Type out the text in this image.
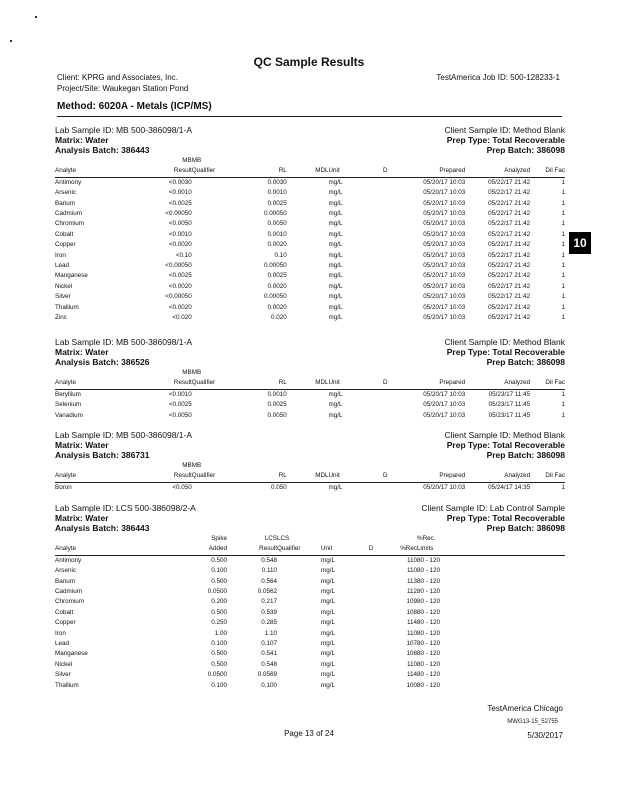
QC Sample Results
Client: KPRG and Associates, Inc.
Project/Site: Waukegan Station Pond
TestAmerica Job ID: 500-128233-1
Method: 6020A - Metals (ICP/MS)
10
Lab Sample ID: MB 500-386098/1-A	Client Sample ID: Method Blank
Matrix: Water	Prep Type: Total Recoverable
Analysis Batch: 386443	Prep Batch: 386098
	MB	MB							
Analyte	Result	Qualifier	RL	MDL	Unit	D	Prepared	Analyzed	Dil Fac
Antimony	<0.0030		0.0030		mg/L		05/20/17 10:03	05/22/17 21:42	1
Arsenic	<0.0010		0.0010		mg/L		05/20/17 10:03	05/22/17 21:42	1
Barium	<0.0025		0.0025		mg/L		05/20/17 10:03	05/22/17 21:42	1
Cadmium	<0.00050		0.00050		mg/L		05/20/17 10:03	05/22/17 21:42	1
Chromium	<0.0050		0.0050		mg/L		05/20/17 10:03	05/22/17 21:42	1
Cobalt	<0.0010		0.0010		mg/L		05/20/17 10:03	05/22/17 21:42	1
Copper	<0.0020		0.0020		mg/L		05/20/17 10:03	05/22/17 21:42	1
Iron	<0.10		0.10		mg/L		05/20/17 10:03	05/22/17 21:42	1
Lead	<0.00050		0.00050		mg/L		05/20/17 10:03	05/22/17 21:42	1
Manganese	<0.0025		0.0025		mg/L		05/20/17 10:03	05/22/17 21:42	1
Nickel	<0.0020		0.0020		mg/L		05/20/17 10:03	05/22/17 21:42	1
Silver	<0.00050		0.00050		mg/L		05/20/17 10:03	05/22/17 21:42	1
Thallium	<0.0020		0.0020		mg/L		05/20/17 10:03	05/22/17 21:42	1
Zinc	<0.020		0.020		mg/L		05/20/17 10:03	05/22/17 21:42	1
Lab Sample ID: MB 500-386098/1-A	Client Sample ID: Method Blank
Matrix: Water	Prep Type: Total Recoverable
Analysis Batch: 386526	Prep Batch: 386098
	MB	MB							
Analyte	Result	Qualifier	RL	MDL	Unit	D	Prepared	Analyzed	Dil Fac
Beryllium	<0.0010		0.0010		mg/L		05/20/17 10:03	05/23/17 11:45	1
Selenium	<0.0025		0.0025		mg/L		05/20/17 10:03	05/23/17 11:45	1
Vanadium	<0.0050		0.0050		mg/L		05/20/17 10:03	05/23/17 11:45	1
Lab Sample ID: MB 500-386098/1-A	Client Sample ID: Method Blank
Matrix: Water	Prep Type: Total Recoverable
Analysis Batch: 386731	Prep Batch: 386098
	MB	MB							
Analyte	Result	Qualifier	RL	MDL	Unit	D	Prepared	Analyzed	Dil Fac
Boron	<0.050		0.050		mg/L		05/20/17 10:03	05/24/17 14:35	1
Lab Sample ID: LCS 500-386098/2-A	Client Sample ID: Lab Control Sample
Matrix: Water	Prep Type: Total Recoverable
Analysis Batch: 386443	Prep Batch: 386098
	Spike	LCS	LCS				%Rec.
Analyte	Added	Result	Qualifier	Unit	D	%Rec	Limits
Antimony	0.500	0.548		mg/L		110	80 - 120
Arsenic	0.100	0.110		mg/L		110	80 - 120
Barium	0.500	0.564		mg/L		113	80 - 120
Cadmium	0.0500	0.0562		mg/L		112	80 - 120
Chromium	0.200	0.217		mg/L		109	80 - 120
Cobalt	0.500	0.539		mg/L		108	80 - 120
Copper	0.250	0.285		mg/L		114	80 - 120
Iron	1.00	1.10		mg/L		110	80 - 120
Lead	0.100	0.107		mg/L		107	80 - 120
Manganese	0.500	0.541		mg/L		108	80 - 120
Nickel	0.500	0.548		mg/L		110	80 - 120
Silver	0.0500	0.0569		mg/L		114	80 - 120
Thallium	0.100	0.100		mg/L		100	80 - 120
TestAmerica Chicago
Page 13 of 24
MWG13-15_52755
5/30/2017
